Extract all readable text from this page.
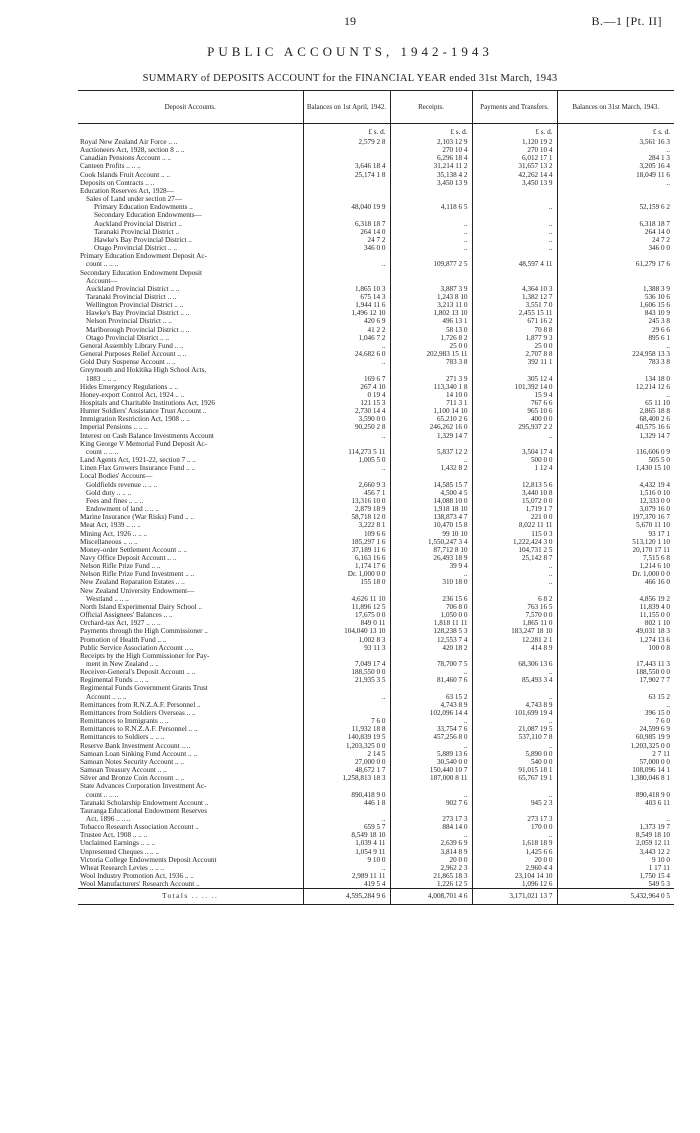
19	B.—1 [Pt. II]
PUBLIC ACCOUNTS, 1942-1943
SUMMARY of DEPOSITS ACCOUNT for the FINANCIAL YEAR ended 31st March, 1943
Deposit Accounts.	Balances on 1st April, 1942.	Receipts.	Payments and Transfers.	Balances on 31st March, 1943.
	£ s. d.	£ s. d.	£ s. d.	£ s. d.
Royal New Zealand Air Force .. ..	2,579 2 8	2,103 12 9	1,120 19 2	3,561 16 3
Auctioneers Act, 1928, section 8 .. ..		270 10 4	270 10 4	..
Canadian Pensions Account .. ..		6,296 18 4	6,012 17 1	284 1 3
Canteen Profits .. .. ..	3,646 18 4	31,214 11 2	31,657 13 2	3,205 16 4
Cook Islands Fruit Account .. ..	25,174 1 8	35,138 4 2	42,262 14 4	18,049 11 6
Deposits on Contracts .. ..		3,450 13 9	3,450 13 9	..
Education Reserves Act, 1928—				
Sales of Land under section 27—				
Primary Education Endowments ..	48,040 19 9	4,118 6 5	..	52,159 6 2
Secondary Education Endowments—				
Auckland Provincial District ..	6,318 18 7	..	..	6,318 18 7
Taranaki Provincial District ..	264 14 0	..	..	264 14 0
Hawke's Bay Provincial District ..	24 7 2	..	..	24 7 2
Otago Provincial District .. ..	346 0 0	..	..	346 0 0
Primary Education Endowment Deposit Ac-				
count .. .. ..	..	109,877 2 5	48,597 4 11	61,279 17 6
Secondary Education Endowment Deposit				
Account—				
Auckland Provincial District .. ..	1,865 10 3	3,887 3 9	4,364 10 3	1,388 3 9
Taranaki Provincial District .. ..	675 14 3	1,243 8 10	1,382 12 7	536 10 6
Wellington Provincial District .. ..	1,944 11 6	3,213 11 0	3,551 7 0	1,606 15 6
Hawke's Bay Provincial District .. ..	1,496 12 10	1,802 13 10	2,455 15 11	843 10 9
Nelson Provincial District .. ..	420 6 9	496 13 1	671 16 2	245 3 8
Marlborough Provincial District .. ..	41 2 2	58 13 0	70 8 8	29 6 6
Otago Provincial District .. ..	1,046 7 2	1,726 8 2	1,877 9 3	895 6 1
General Assembly Library Fund .. ..	..	25 0 0	25 0 0	..
General Purposes Relief Account .. ..	24,682 6 0	202,983 15 11	2,707 8 8	224,958 13 3
Gold Duty Suspense Account .. ..	..	783 3 8	392 11 1	783 3 8
Greymouth and Hokitika High School Acts,				
1883 .. .. ..	169 6 7	271 3 9	305 12 4	134 18 0
Hides Emergency Regulations .. ..	267 4 10	113,340 1 8	101,392 14 0	12,214 12 6
Honey-export Control Act, 1924 .. ..	0 19 4	14 10 0	15 9 4	..
Hospitals and Charitable Institutions Act, 1926	121 15 3	711 3 1	767 6 6	65 11 10
Hunter Soldiers' Assistance Trust Account ..	2,730 14 4	1,100 14 10	965 10 6	2,865 18 8
Immigration Restriction Act, 1908 .. ..	3,590 0 0	65,210 2 6	400 0 0	68,400 2 6
Imperial Pensions .. .. ..	90,250 2 8	246,262 16 0	295,937 2 2	40,575 16 6
Interest on Cash Balance Investments Account	..	1,329 14 7	..	1,329 14 7
King George V Memorial Fund Deposit Ac-				
count .. .. ..	114,273 5 11	5,837 12 2	3,504 17 4	116,606 0 9
Land Agents Act, 1921-22, section 7 .. ..	1,005 5 0	..	500 0 0	505 5 0
Linen Flax Growers Insurance Fund .. ..	..	1,432 8 2	1 12 4	1,430 15 10
Local Bodies' Account—				
Goldfields revenue .. .. ..	2,660 9 3	14,585 15 7	12,813 5 6	4,432 19 4
Gold duty .. .. ..	456 7 1	4,500 4 5	3,440 10 8	1,516 0 10
Fees and fines .. .. ..	13,316 10 0	14,088 10 0	15,072 0 0	12,333 0 0
Endowment of land .. .. ..	2,879 18 9	1,918 18 10	1,719 1 7	3,079 16 0
Marine Insurance (War Risks) Fund .. ..	58,718 12 0	138,873 4 7	221 0 0	197,370 16 7
Meat Act, 1939 .. .. ..	3,222 8 1	10,470 15 8	8,022 11 11	5,670 11 10
Mining Act, 1926 .. .. ..	109 6 6	99 10 10	115 0 3	93 17 1
Miscellaneous .. .. ..	185,297 1 6	1,550,247 3 4	1,222,424 3 0	513,120 1 10
Money-order Settlement Account .. ..	37,189 11 6	87,712 8 10	104,731 2 5	20,170 17 11
Navy Office Deposit Account .. ..	6,163 16 6	26,493 18 9	25,142 8 7	7,515 6 8
Nelson Rifle Prize Fund .. ..	1,174 17 6	39 9 4	..	1,214 6 10
Nelson Rifle Prize Fund Investment .. ..	Dr. 1,000 0 0	..	..	Dr. 1,000 0 0
New Zealand Reparation Estates .. ..	155 18 0	310 18 0	..	466 16 0
New Zealand University Endowment—				
Westland .. .. ..	4,626 11 10	236 15 6	6 8 2	4,856 19 2
North Island Experimental Dairy School ..	11,896 12 5	706 8 0	763 16 5	11,839 4 0
Official Assignees' Balances .. ..	17,675 0 0	1,050 0 0	7,570 0 0	11,155 0 0
Orchard-tax Act, 1927 .. .. ..	849 0 11	1,818 11 11	1,865 11 0	802 1 10
Payments through the High Commissioner ..	104,040 13 10	128,238 5 3	183,247 18 10	49,031 18 3
Promotion of Health Fund .. ..	1,002 8 3	12,553 7 4	12,281 2 1	1,274 13 6
Public Service Association Account .. ..	93 11 3	420 18 2	414 8 9	100 0 8
Receipts by the High Commissioner for Pay-				
ment in New Zealand .. ..	7,049 17 4	78,700 7 5	68,306 13 6	17,443 11 3
Receiver-General's Deposit Account .. ..	188,550 0 0	..	..	188,550 0 0
Regimental Funds .. .. ..	21,935 3 5	81,460 7 6	85,493 3 4	17,902 7 7
Regimental Funds Government Grants Trust				
Account .. .. ..	..	63 15 2	..	63 15 2
Remittances from R.N.Z.A.F. Personnel ..		4,743 8 9	4,743 8 9	..
Remittances from Soldiers Overseas .. ..		102,096 14 4	101,699 19 4	396 15 0
Remittances to Immigrants .. ..	7 6 0	..	..	7 6 0
Remittances to R.N.Z.A.F. Personnel .. ..	11,932 18 8	33,754 7 6	21,087 19 5	24,599 6 9
Remittances to Soldiers .. .. ..	140,839 19 5	457,256 8 0	537,110 7 8	60,985 19 9
Reserve Bank Investment Account .. ..	1,203,325 0 0	..	..	1,203,325 0 0
Samoan Loan Sinking Fund Account .. ..	2 14 5	5,889 13 6	5,890 0 0	2 7 11
Samoan Notes Security Account .. ..	27,000 0 0	30,540 0 0	540 0 0	57,000 0 0
Samoan Treasury Account .. ..	48,672 1 7	150,440 10 7	91,015 18 1	108,096 14 1
Silver and Bronze Coin Account .. ..	1,258,813 18 3	187,000 8 11	65,767 19 1	1,380,046 8 1
State Advances Corporation Investment Ac-				
count .. .. ..	890,418 9 0	..	..	890,418 9 0
Taranaki Scholarship Endowment Account ..	446 1 8	902 7 6	945 2 3	403 6 11
Tauranga Educational Endowment Reserves				
Act, 1896 .. .. ..	..	273 17 3	273 17 3	..
Tobacco Research Association Account ..	659 5 7	884 14 0	170 0 0	1,373 19 7
Trustee Act, 1908 .. .. ..	8,549 18 10	..	..	8,549 18 10
Unclaimed Earnings .. .. ..	1,039 4 11	2,639 6 9	1,618 18 9	2,059 12 11
Unpresented Cheques .. .. ..	1,054 9 11	3,814 8 9	1,425 6 6	3,443 12 2
Victoria College Endowments Deposit Account	9 10 0	20 0 0	20 0 0	9 10 0
Wheat Research Levies .. .. ..	..	2,962 2 3	2,960 4 4	1 17 11
Wool Industry Promotion Act, 1936 .. ..	2,989 11 11	21,865 18 3	23,104 14 10	1,750 15 4
Wool Manufacturers' Research Account ..	419 5 4	1,226 12 5	1,096 12 6	549 5 3
Totals .. .. ..	4,595,284 9 6	4,008,701 4 6	3,171,021 13 7	5,432,964 0 5
